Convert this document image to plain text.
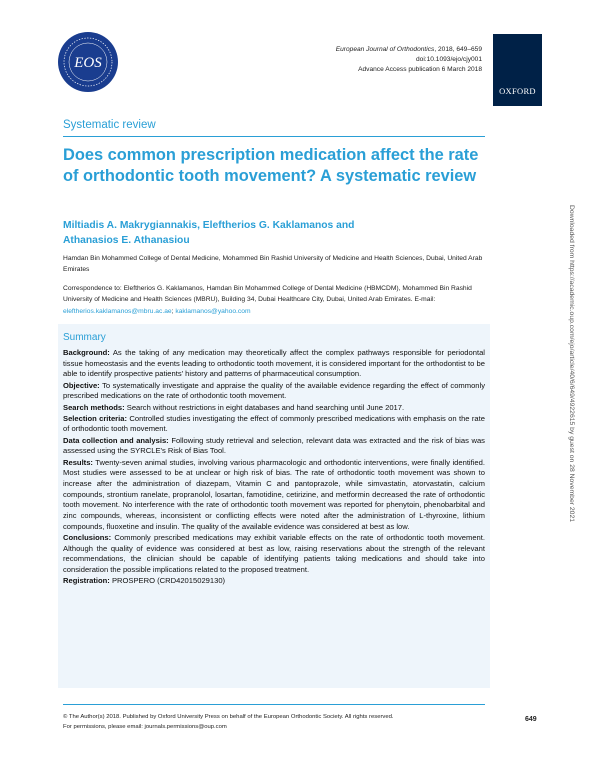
EOS
European Journal of Orthodontics, 2018, 649–659
doi:10.1093/ejo/cjy001
Advance Access publication 6 March 2018
OXFORD
Systematic review
Does common prescription medication affect the rate of orthodontic tooth movement? A systematic review
Miltiadis A. Makrygiannakis, Eleftherios G. Kaklamanos and
Athanasios E. Athanasiou
Hamdan Bin Mohammed College of Dental Medicine, Mohammed Bin Rashid University of Medicine and Health Sciences, Dubai, United Arab Emirates
Correspondence to: Eleftherios G. Kaklamanos, Hamdan Bin Mohammed College of Dental Medicine (HBMCDM), Mohammed Bin Rashid University of Medicine and Health Sciences (MBRU), Building 34, Dubai Healthcare City, Dubai, United Arab Emirates. E-mail: eleftherios.kaklamanos@mbru.ac.ae; kaklamanos@yahoo.com
Summary

Background: As the taking of any medication may theoretically affect the complex pathways responsible for periodontal tissue homeostasis and the events leading to orthodontic tooth movement, it is considered important for the orthodontist to be able to identify prospective patients' history and patterns of pharmaceutical consumption.

Objective: To systematically investigate and appraise the quality of the available evidence regarding the effect of commonly prescribed medications on the rate of orthodontic tooth movement.

Search methods: Search without restrictions in eight databases and hand searching until June 2017.

Selection criteria: Controlled studies investigating the effect of commonly prescribed medications with emphasis on the rate of orthodontic tooth movement.

Data collection and analysis: Following study retrieval and selection, relevant data was extracted and the risk of bias was assessed using the SYRCLE's Risk of Bias Tool.

Results: Twenty-seven animal studies, involving various pharmacologic and orthodontic interventions, were finally identified. Most studies were assessed to be at unclear or high risk of bias. The rate of orthodontic tooth movement was shown to increase after the administration of diazepam, Vitamin C and pantoprazole, while simvastatin, atorvastatin, calcium compounds, strontium ranelate, propranolol, losartan, famotidine, cetirizine, and metformin decreased the rate of orthodontic tooth movement. No interference with the rate of orthodontic tooth movement was reported for phenytoin, phenobarbital and zinc compounds, whereas, inconsistent or conflicting effects were noted after the administration of L-thyroxine, lithium compounds, fluoxetine and insulin. The quality of the available evidence was considered at best as low.

Conclusions: Commonly prescribed medications may exhibit variable effects on the rate of orthodontic tooth movement. Although the quality of evidence was considered at best as low, raising reservations about the strength of the relevant recommendations, the clinician should be capable of identifying patients taking medications and should take into consideration the possible implications related to the proposed treatment.

Registration: PROSPERO (CRD42015029130)

© The Author(s) 2018. Published by Oxford University Press on behalf of the European Orthodontic Society. All rights reserved.
For permissions, please email: journals.permissions@oup.com
649
Downloaded from https://academic.oup.com/ejo/article/40/6/649/4922615 by guest on 28 November 2021
